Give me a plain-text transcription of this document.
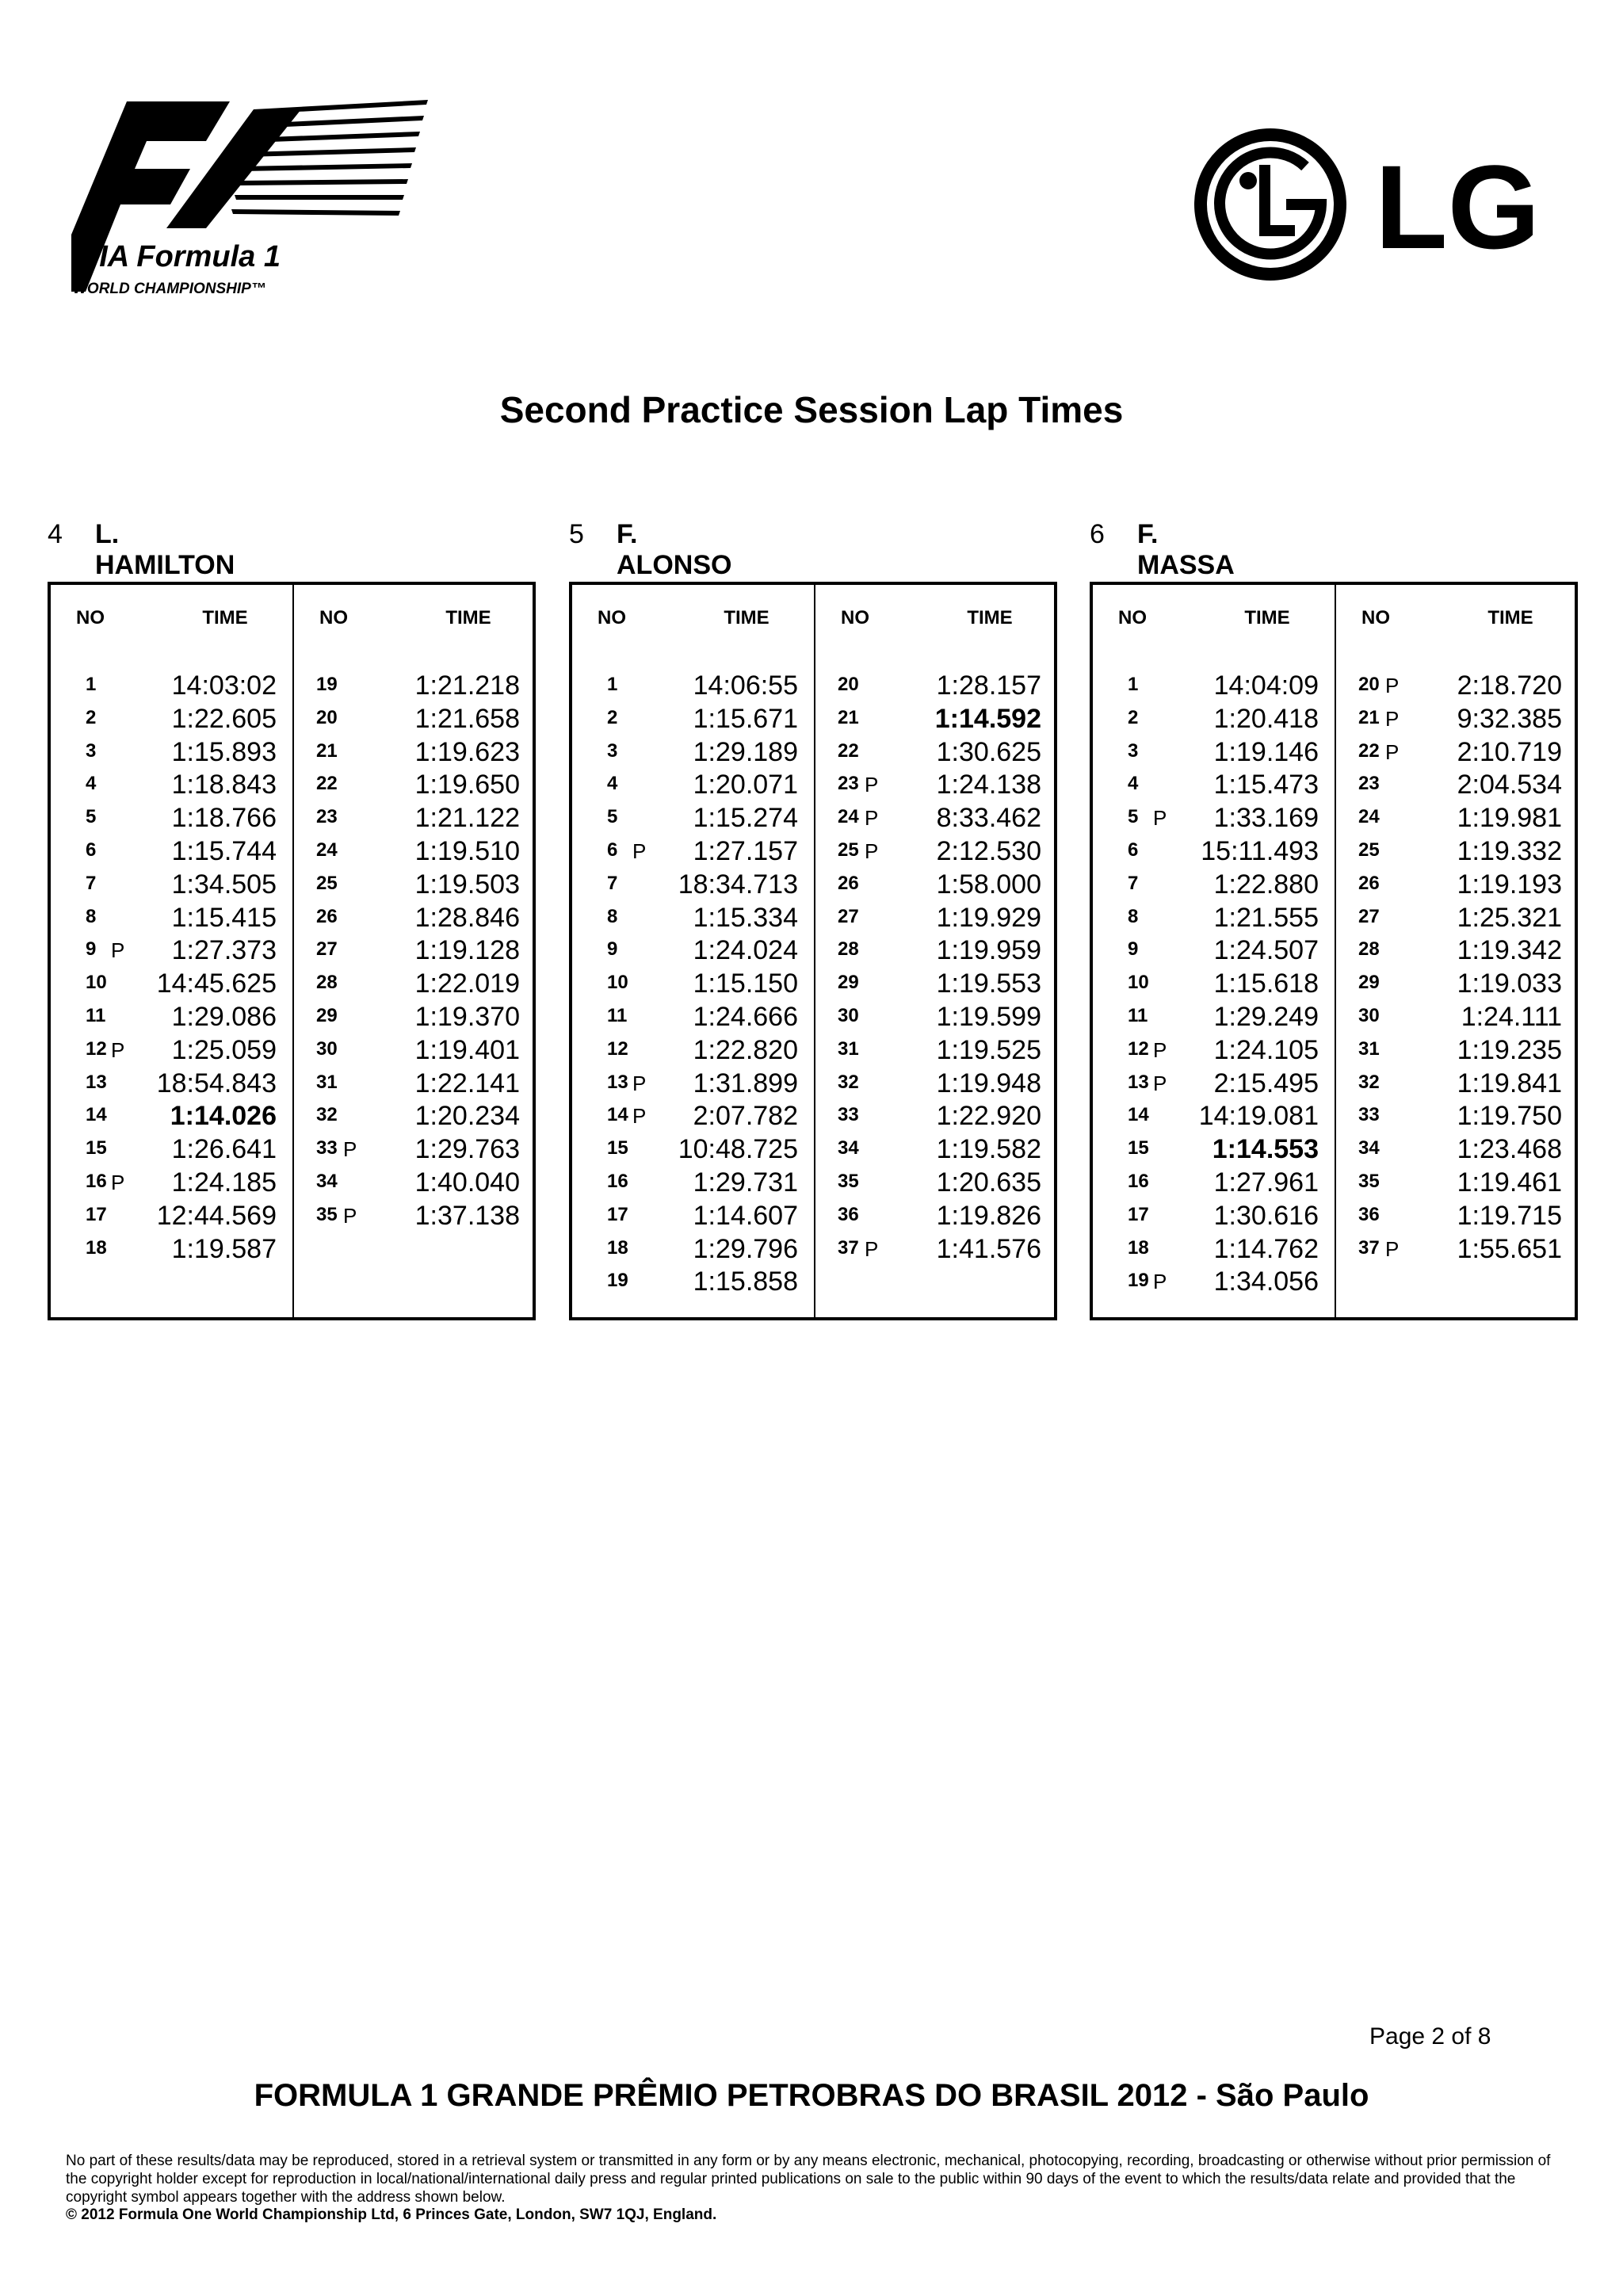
FIA Formula 1
WORLD CHAMPIONSHIP™
LG
Second Practice Session Lap Times
4 L. HAMILTON
NO	TIME
1	14:03:02
2	1:22.605
3	1:15.893
4	1:18.843
5	1:18.766
6	1:15.744
7	1:34.505
8	1:15.415
9 P 1:27.373
10 14:45.625
11 1:29.086
12 P 1:25.059
13 18:54.843
14 1:14.026
15 1:26.641
16 P 1:24.185
17 12:44.569
18 1:19.587
NO	TIME
19	1:21.218
20	1:21.658
21	1:19.623
22	1:19.650
23	1:21.122
24	1:19.510
25	1:19.503
26	1:28.846
27	1:19.128
28	1:22.019
29	1:19.370
30	1:19.401
31	1:22.141
32	1:20.234
33 P 1:29.763
34	1:40.040
35 P 1:37.138
5 F. ALONSO
NO	TIME
1	14:06:55
2	1:15.671
3	1:29.189
4	1:20.071
5	1:15.274
6 P 1:27.157
7 18:34.713
8	1:15.334
9	1:24.024
10 1:15.150
11 1:24.666
12 1:22.820
13 P 1:31.899
14 P 2:07.782
15 10:48.725
16 1:29.731
17 1:14.607
18 1:29.796
19 1:15.858
NO	TIME
20	1:28.157
21	1:14.592
22	1:30.625
23 P 1:24.138
24 P 8:33.462
25 P 2:12.530
26	1:58.000
27	1:19.929
28	1:19.959
29	1:19.553
30	1:19.599
31	1:19.525
32	1:19.948
33	1:22.920
34	1:19.582
35	1:20.635
36	1:19.826
37 P 1:41.576
6 F. MASSA
NO	TIME
1	14:04:09
2	1:20.418
3	1:19.146
4	1:15.473
5 P 1:33.169
6 15:11.493
7	1:22.880
8	1:21.555
9	1:24.507
10 1:15.618
11 1:29.249
12 P 1:24.105
13 P 2:15.495
14 14:19.081
15 1:14.553
16 1:27.961
17 1:30.616
18 1:14.762
19 P 1:34.056
NO	TIME
20 P 2:18.720
21 P 9:32.385
22 P 2:10.719
23	2:04.534
24	1:19.981
25	1:19.332
26	1:19.193
27	1:25.321
28	1:19.342
29	1:19.033
30	1:24.111
31	1:19.235
32	1:19.841
33	1:19.750
34	1:23.468
35	1:19.461
36	1:19.715
37 P 1:55.651
Page 2 of 8
FORMULA 1 GRANDE PRÊMIO PETROBRAS DO BRASIL 2012 - São Paulo
No part of these results/data may be reproduced, stored in a retrieval system or transmitted in any form or by any means electronic, mechanical, photocopying, recording, broadcasting or otherwise without prior permission of the copyright holder except for reproduction in local/national/international daily press and regular printed publications on sale to the public within 90 days of the event to which the results/data relate and provided that the copyright symbol appears together with the address shown below.
© 2012 Formula One World Championship Ltd, 6 Princes Gate, London, SW7 1QJ, England.
